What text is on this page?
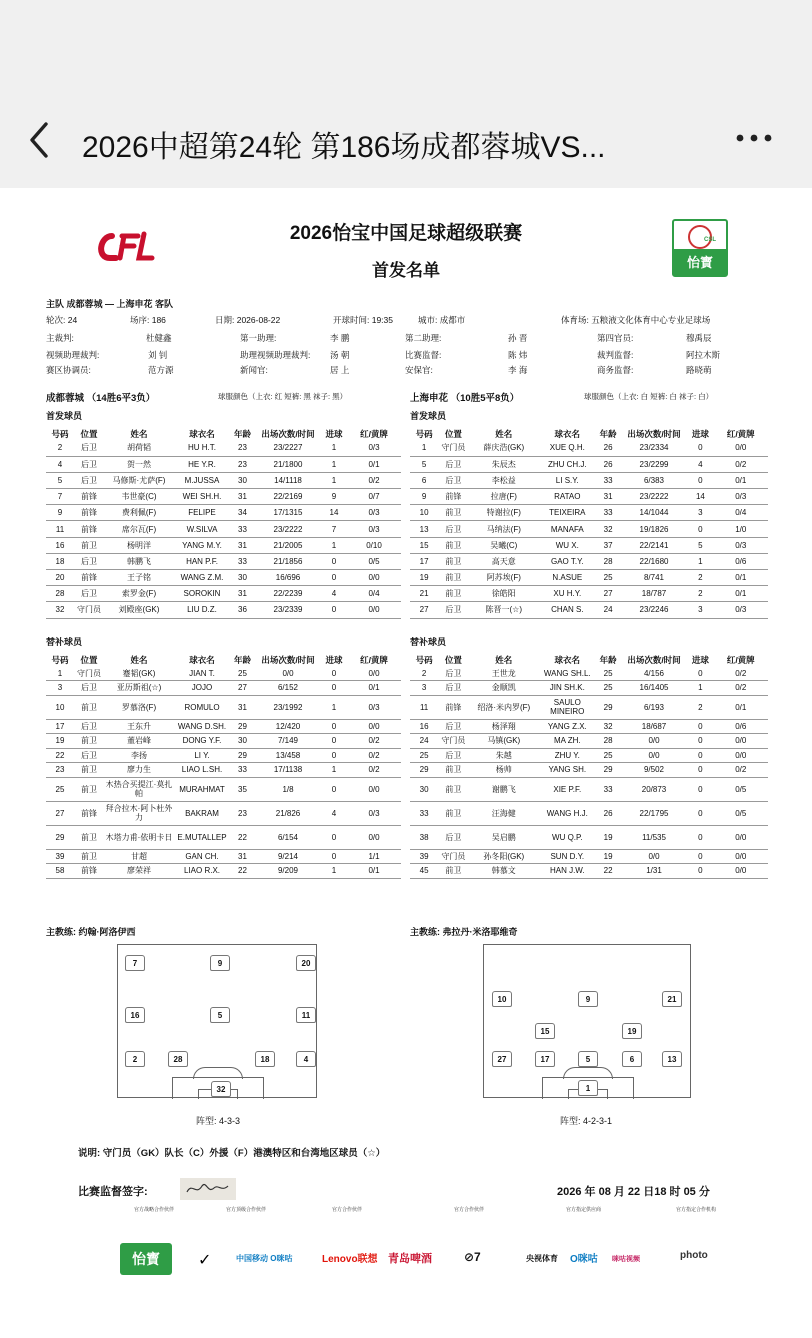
2026中超第24轮 第186场成都蓉城VS...
2026怡宝中国足球超级联赛
首发名单
CSL
怡寳
主队 成都蓉城 — 上海申花 客队
轮次: 24	场序: 186	日期: 2026-08-22	开球时间: 19:35	城市: 成都市	体育场: 五粮液文化体育中心专业足球场
主裁判:	杜健鑫	第一助理:	李 鹏	第二助理:	孙 晋	第四官员:	穆禹辰
视频助理裁判:	刘 钊	助理视频助理裁判: 汤 朝	比赛监督:	陈 炜	裁判监督:	阿拉木斯
赛区协调员:	范方源	新闻官:	居 上	安保官:	李 海	商务监督:	路晓萌
成都蓉城 （14胜6平3负）	球服颜色（上衣: 红 短裤: 黑 袜子: 黑）	上海申花 （10胜5平8负）	球服颜色（上衣: 白 短裤: 白 袜子: 白）
首发球员	首发球员
号码	位置	姓名	球衣名	年龄	出场次数/时间	进球	红/黄牌
2	后卫	胡荷韬	HU H.T.	23	23/2227	1	0/3
4	后卫	贺一然	HE Y.R.	23	21/1800	1	0/1
5	后卫	马修斯·尤萨(F)	M.JUSSA	30	14/1118	1	0/2
7	前锋	韦世豪(C)	WEI SH.H.	31	22/2169	9	0/7
9	前锋	费利佩(F)	FELIPE	34	17/1315	14	0/3
11	前锋	席尔瓦(F)	W.SILVA	33	23/2222	7	0/3
16	前卫	杨明洋	YANG M.Y.	31	21/2005	1	0/10
18	后卫	韩鹏飞	HAN P.F.	33	21/1856	0	0/5
20	前锋	王子铭	WANG Z.M.	30	16/696	0	0/0
28	后卫	索罗金(F)	SOROKIN	31	22/2239	4	0/4
32	守门员	刘殿座(GK)	LIU D.Z.	36	23/2339	0	0/0
号码	位置	姓名	球衣名	年龄	出场次数/时间	进球	红/黄牌
1	守门员	薛庆浩(GK)	XUE Q.H.	26	23/2334	0	0/0
5	后卫	朱辰杰	ZHU CH.J.	26	23/2299	4	0/2
6	后卫	李松益	LI S.Y.	33	6/383	0	0/1
9	前锋	拉唐(F)	RATAO	31	23/2222	14	0/3
10	前卫	特谢拉(F)	TEIXEIRA	33	14/1044	3	0/4
13	后卫	马纳法(F)	MANAFA	32	19/1826	0	1/0
15	前卫	吴曦(C)	WU X.	37	22/2141	5	0/3
17	前卫	高天意	GAO T.Y.	28	22/1680	1	0/6
19	前卫	阿苏埃(F)	N.ASUE	25	8/741	2	0/1
21	前卫	徐皓阳	XU H.Y.	27	18/787	2	0/1
27	后卫	陈晋一(☆)	CHAN S.	24	23/2246	3	0/3
替补球员	替补球员
号码	位置	姓名	球衣名	年龄	出场次数/时间	进球	红/黄牌
1	守门员	蹇韬(GK)	JIAN T.	25	0/0	0	0/0
3	后卫	亚历斯祖(☆)	JOJO	27	6/152	0	0/1
10	前卫	罗慕洛(F)	ROMULO	31	23/1992	1	0/3
17	后卫	王东升	WANG D.SH.	29	12/420	0	0/0
19	前卫	董岩峰	DONG Y.F.	30	7/149	0	0/2
22	后卫	李扬	LI Y.	29	13/458	0	0/2
23	前卫	廖力生	LIAO L.SH.	33	17/1138	1	0/2
25	前卫	木热合买提江·莫扎帕	MURAHMAT	35	1/8	0	0/0
27	前锋	拜合拉木·阿卜杜外力	BAKRAM	23	21/826	4	0/3
29	前卫	木塔力甫·依明卡日	E.MUTALLEP	22	6/154	0	0/0
39	前卫	甘超	GAN CH.	31	9/214	0	1/1
58	前锋	廖荣祥	LIAO R.X.	22	9/209	1	0/1
号码	位置	姓名	球衣名	年龄	出场次数/时间	进球	红/黄牌
2	后卫	王世龙	WANG SH.L.	25	4/156	0	0/2
3	后卫	金顺凯	JIN SH.K.	25	16/1405	1	0/2
11	前锋	绍洛·米内罗(F)	SAULO MINEIRO	29	6/193	2	0/1
16	后卫	杨泽翔	YANG Z.X.	32	18/687	0	0/6
24	守门员	马镇(GK)	MA ZH.	28	0/0	0	0/0
25	后卫	朱越	ZHU Y.	25	0/0	0	0/0
29	前卫	杨帅	YANG SH.	29	9/502	0	0/2
30	前卫	谢鹏飞	XIE P.F.	33	20/873	0	0/5
33	前卫	汪海健	WANG H.J.	26	22/1795	0	0/5
38	后卫	吴启鹏	WU Q.P.	19	11/535	0	0/0
39	守门员	孙冬阳(GK)	SUN D.Y.	19	0/0	0	0/0
45	前卫	韩慕文	HAN J.W.	22	1/31	0	0/0
主教练: 约翰·阿洛伊西	主教练: 弗拉丹·米洛耶维奇
7	9	20
16	5	11
2	28	18	4
32
10	9	21
15	19
17
27	5	6	13
1
阵型: 4-3-3	阵型: 4-2-3-1
说明: 守门员（GK）队长（C）外援（F）港澳特区和台湾地区球员（☆）
比赛监督签字:	2026 年 08 月 22 日18 时 05 分
官方战略合作伙伴	官方顶级合作伙伴	官方合作伙伴	官方合作伙伴	官方指定供应商	官方指定合作机构
怡寳	✓	中国移动 O咪咕	Lenovo联想 青岛啤酒	⊘7	央视体育 O咪咕 咪咕视频	photo
